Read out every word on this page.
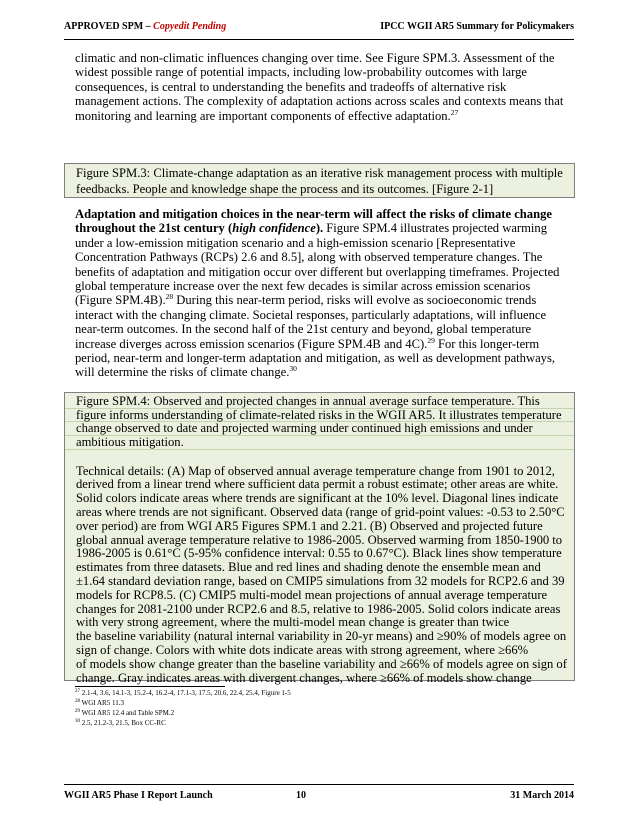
APPROVED SPM – Copyedit Pending	IPCC WGII AR5 Summary for Policymakers
climatic and non-climatic influences changing over time. See Figure SPM.3. Assessment of the
widest possible range of potential impacts, including low-probability outcomes with large
consequences, is central to understanding the benefits and tradeoffs of alternative risk
management actions. The complexity of adaptation actions across scales and contexts means that
monitoring and learning are important components of effective adaptation.$^{27}$
Figure SPM.3: Climate-change adaptation as an iterative risk management process with multiple
feedbacks. People and knowledge shape the process and its outcomes. [Figure 2-1]
Adaptation and mitigation choices in the near-term will affect the risks of climate change
throughout the 21st century (high confidence). Figure SPM.4 illustrates projected warming
under a low-emission mitigation scenario and a high-emission scenario [Representative
Concentration Pathways (RCPs) 2.6 and 8.5], along with observed temperature changes. The
benefits of adaptation and mitigation occur over different but overlapping timeframes. Projected
global temperature increase over the next few decades is similar across emission scenarios
(Figure SPM.4B).$^{28}$ During this near-term period, risks will evolve as socioeconomic trends
interact with the changing climate. Societal responses, particularly adaptations, will influence
near-term outcomes. In the second half of the 21st century and beyond, global temperature
increase diverges across emission scenarios (Figure SPM.4B and 4C).$^{29}$ For this longer-term
period, near-term and longer-term adaptation and mitigation, as well as development pathways,
will determine the risks of climate change.$^{30}$
Figure SPM.4: Observed and projected changes in annual average surface temperature. This
figure informs understanding of climate-related risks in the WGII AR5. It illustrates temperature
change observed to date and projected warming under continued high emissions and under
ambitious mitigation.
Technical details: (A) Map of observed annual average temperature change from 1901 to 2012,
derived from a linear trend where sufficient data permit a robust estimate; other areas are white.
Solid colors indicate areas where trends are significant at the 10% level. Diagonal lines indicate
areas where trends are not significant. Observed data (range of grid-point values: -0.53 to 2.50°C
over period) are from WGI AR5 Figures SPM.1 and 2.21. (B) Observed and projected future
global annual average temperature relative to 1986-2005. Observed warming from 1850-1900 to
1986-2005 is 0.61°C (5-95% confidence interval: 0.55 to 0.67°C). Black lines show temperature
estimates from three datasets. Blue and red lines and shading denote the ensemble mean and
±1.64 standard deviation range, based on CMIP5 simulations from 32 models for RCP2.6 and 39
models for RCP8.5. (C) CMIP5 multi-model mean projections of annual average temperature
changes for 2081-2100 under RCP2.6 and 8.5, relative to 1986-2005. Solid colors indicate areas
with very strong agreement, where the multi-model mean change is greater than twice
the baseline variability (natural internal variability in 20-yr means) and ≥90% of models agree on
sign of change. Colors with white dots indicate areas with strong agreement, where ≥66%
of models show change greater than the baseline variability and ≥66% of models agree on sign of
change. Gray indicates areas with divergent changes, where ≥66% of models show change
$^{27}$ 2.1-4, 3.6, 14.1-3, 15.2-4, 16.2-4, 17.1-3, 17.5, 20.6, 22.4, 25.4, Figure 1-5
$^{28}$ WGI AR5 11.3
$^{29}$ WGI AR5 12.4 and Table SPM.2
$^{30}$ 2.5, 21.2-3, 21.5, Box CC-RC
WGII AR5 Phase I Report Launch	10	31 March 2014
